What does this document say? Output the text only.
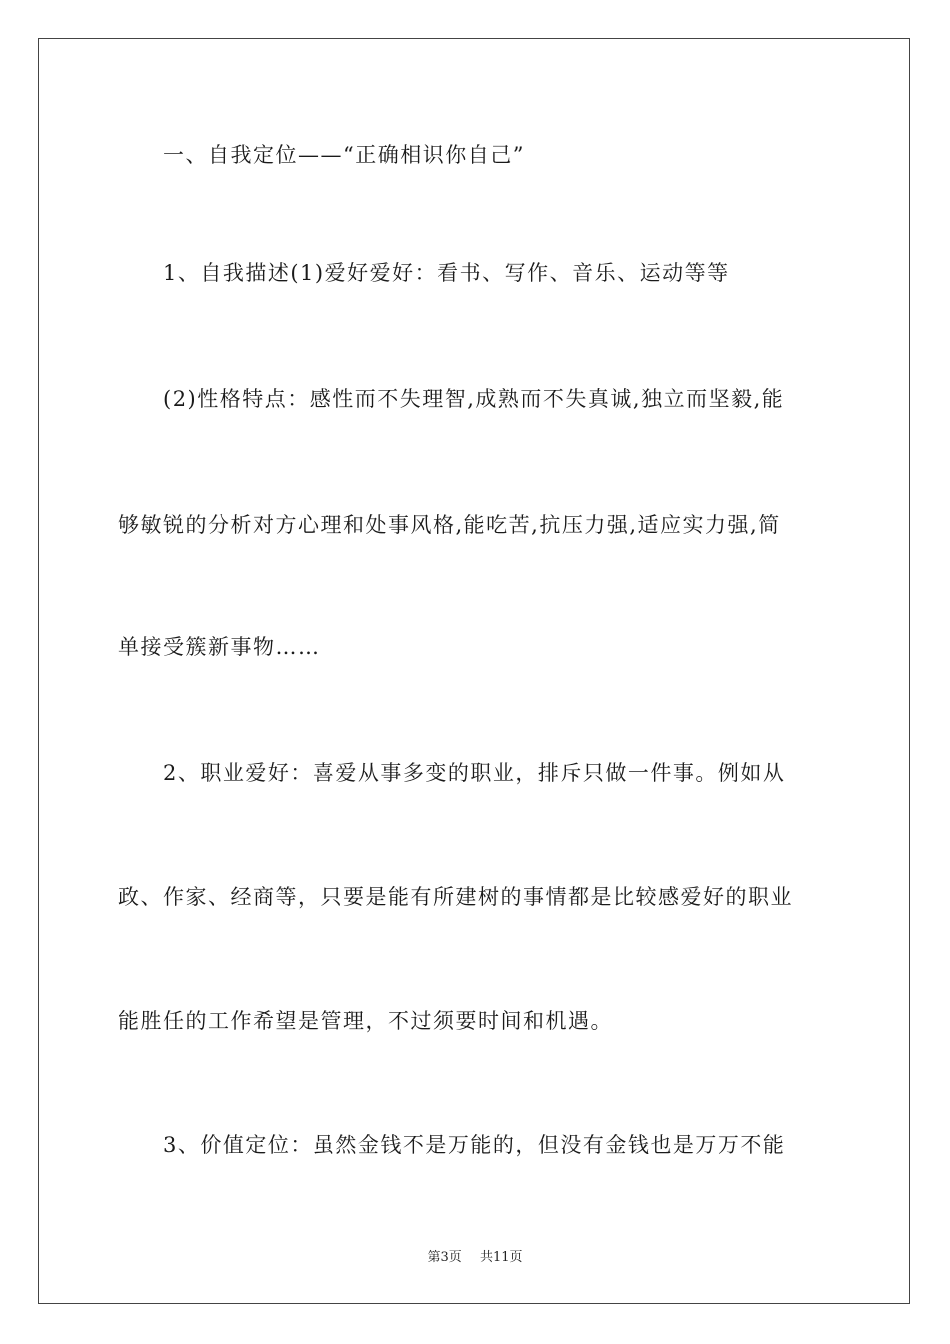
一、自我定位——“正确相识你自己”
1、自我描述(1)爱好爱好：看书、写作、音乐、运动等等
(2)性格特点：感性而不失理智,成熟而不失真诚,独立而坚毅,能
够敏锐的分析对方心理和处事风格,能吃苦,抗压力强,适应实力强,简
单接受簇新事物……
2、职业爱好：喜爱从事多变的职业，排斥只做一件事。例如从
政、作家、经商等，只要是能有所建树的事情都是比较感爱好的职业
能胜任的工作希望是管理，不过须要时间和机遇。
3、价值定位：虽然金钱不是万能的，但没有金钱也是万万不能
第3页 共11页
